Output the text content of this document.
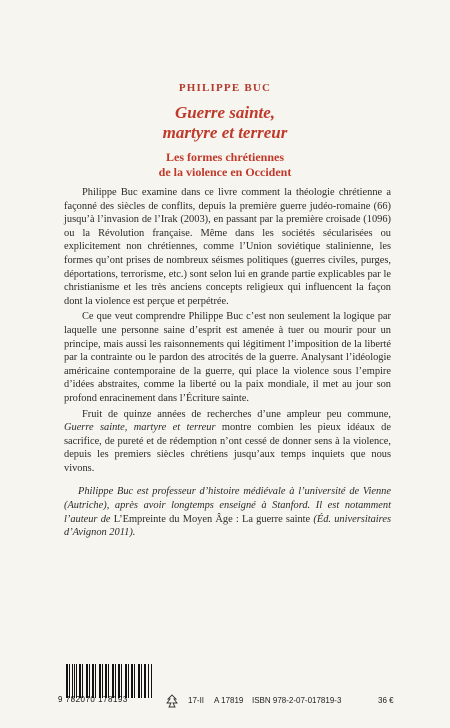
PHILIPPE BUC
Guerre sainte,
martyre et terreur
Les formes chrétiennes
de la violence en Occident

Philippe Buc examine dans ce livre comment la théologie chrétienne a façonné des siècles de conflits, depuis la première guerre judéo-romaine (66) jusqu’à l’invasion de l’Irak (2003), en passant par la première croisade (1096) ou la Révolution française. Même dans les sociétés sécularisées ou explicitement non chrétiennes, comme l’Union soviétique stalinienne, les formes qu’ont prises de nombreux séismes politiques (guerres civiles, purges, déportations, terrorisme, etc.) sont selon lui en grande partie explicables par le christianisme et les très anciens concepts religieux qui influencent la façon dont la violence est perçue et perpétrée.

Ce que veut comprendre Philippe Buc c’est non seulement la logique par laquelle une personne saine d’esprit est amenée à tuer ou mourir pour un principe, mais aussi les raisonnements qui légitiment l’imposition de la liberté par la contrainte ou le pardon des atrocités de la guerre. Analysant l’idéologie américaine contemporaine de la guerre, qui place la violence sous l’empire d’idées abstraites, comme la liberté ou la paix mondiale, il met au jour son profond enracinement dans l’Écriture sainte.

Fruit de quinze années de recherches d’une ampleur peu commune, Guerre sainte, martyre et terreur montre combien les pieux idéaux de sacrifice, de pureté et de rédemption n’ont cessé de donner sens à la violence, depuis les premiers siècles chrétiens jusqu’aux temps inquiets que nous vivons.

Philippe Buc est professeur d’histoire médiévale à l’université de Vienne (Autriche), après avoir longtemps enseigné à Stanford. Il est notamment l’auteur de L’Empreinte du Moyen Âge : La guerre sainte (Éd. universitaires d’Avignon 2011).

9 782070 178193	17-II A 17819 ISBN 978-2-07-017819-3	36 €
